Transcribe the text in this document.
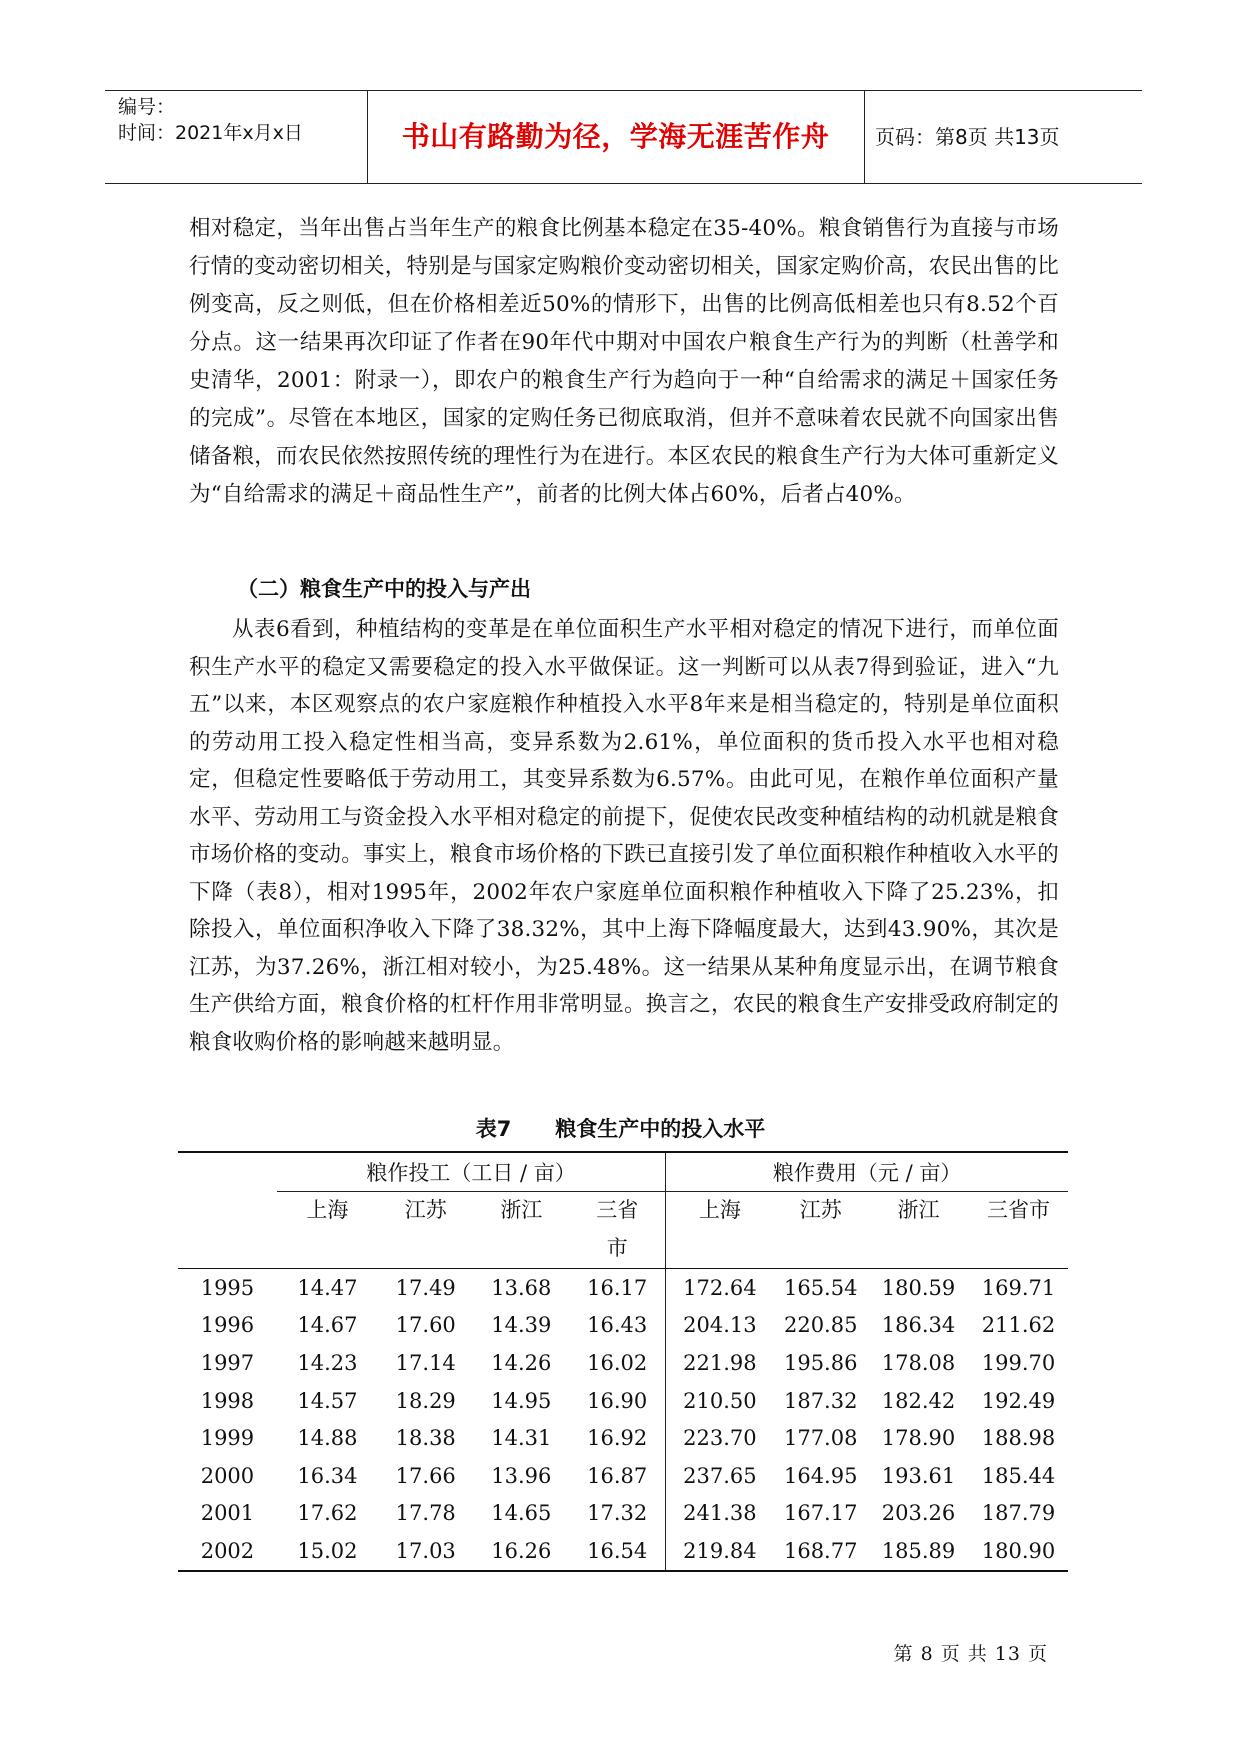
编号：
时间：2021年x月x日	书山有路勤为径，学海无涯苦作舟	页码：第8页 共13页

相对稳定，当年出售占当年生产的粮食比例基本稳定在35-40%。粮食销售行为直接与市场行情的变动密切相关，特别是与国家定购粮价变动密切相关，国家定购价高，农民出售的比例变高，反之则低，但在价格相差近50%的情形下，出售的比例高低相差也只有8.52个百分点。这一结果再次印证了作者在90年代中期对中国农户粮食生产行为的判断（杜善学和史清华，2001：附录一），即农户的粮食生产行为趋向于一种“自给需求的满足＋国家任务的完成”。尽管在本地区，国家的定购任务已彻底取消，但并不意味着农民就不向国家出售储备粮，而农民依然按照传统的理性行为在进行。本区农民的粮食生产行为大体可重新定义为“自给需求的满足＋商品性生产”，前者的比例大体占60%，后者占40%。

（二）粮食生产中的投入与产出

从表6看到，种植结构的变革是在单位面积生产水平相对稳定的情况下进行，而单位面积生产水平的稳定又需要稳定的投入水平做保证。这一判断可以从表7得到验证，进入“九五”以来，本区观察点的农户家庭粮作种植投入水平8年来是相当稳定的，特别是单位面积的劳动用工投入稳定性相当高，变异系数为2.61%，单位面积的货币投入水平也相对稳定，但稳定性要略低于劳动用工，其变异系数为6.57%。由此可见，在粮作单位面积产量水平、劳动用工与资金投入水平相对稳定的前提下，促使农民改变种植结构的动机就是粮食市场价格的变动。事实上，粮食市场价格的下跌已直接引发了单位面积粮作种植收入水平的下降（表8），相对1995年，2002年农户家庭单位面积粮作种植收入下降了25.23%，扣除投入，单位面积净收入下降了38.32%，其中上海下降幅度最大，达到43.90%，其次是江苏，为37.26%，浙江相对较小，为25.48%。这一结果从某种角度显示出，在调节粮食生产供给方面，粮食价格的杠杆作用非常明显。换言之，农民的粮食生产安排受政府制定的粮食收购价格的影响越来越明显。

表7      粮食生产中的投入水平
	粮作投工（工日 / 亩）				粮作费用（元 / 亩）			
	上海	江苏	浙江	三省	上海	江苏	浙江	三省市
				市				
1995	14.47	17.49	13.68	16.17	172.64	165.54	180.59	169.71
1996	14.67	17.60	14.39	16.43	204.13	220.85	186.34	211.62
1997	14.23	17.14	14.26	16.02	221.98	195.86	178.08	199.70
1998	14.57	18.29	14.95	16.90	210.50	187.32	182.42	192.49
1999	14.88	18.38	14.31	16.92	223.70	177.08	178.90	188.98
2000	16.34	17.66	13.96	16.87	237.65	164.95	193.61	185.44
2001	17.62	17.78	14.65	17.32	241.38	167.17	203.26	187.79
2002	15.02	17.03	16.26	16.54	219.84	168.77	185.89	180.90
第 8 页 共 13 页
